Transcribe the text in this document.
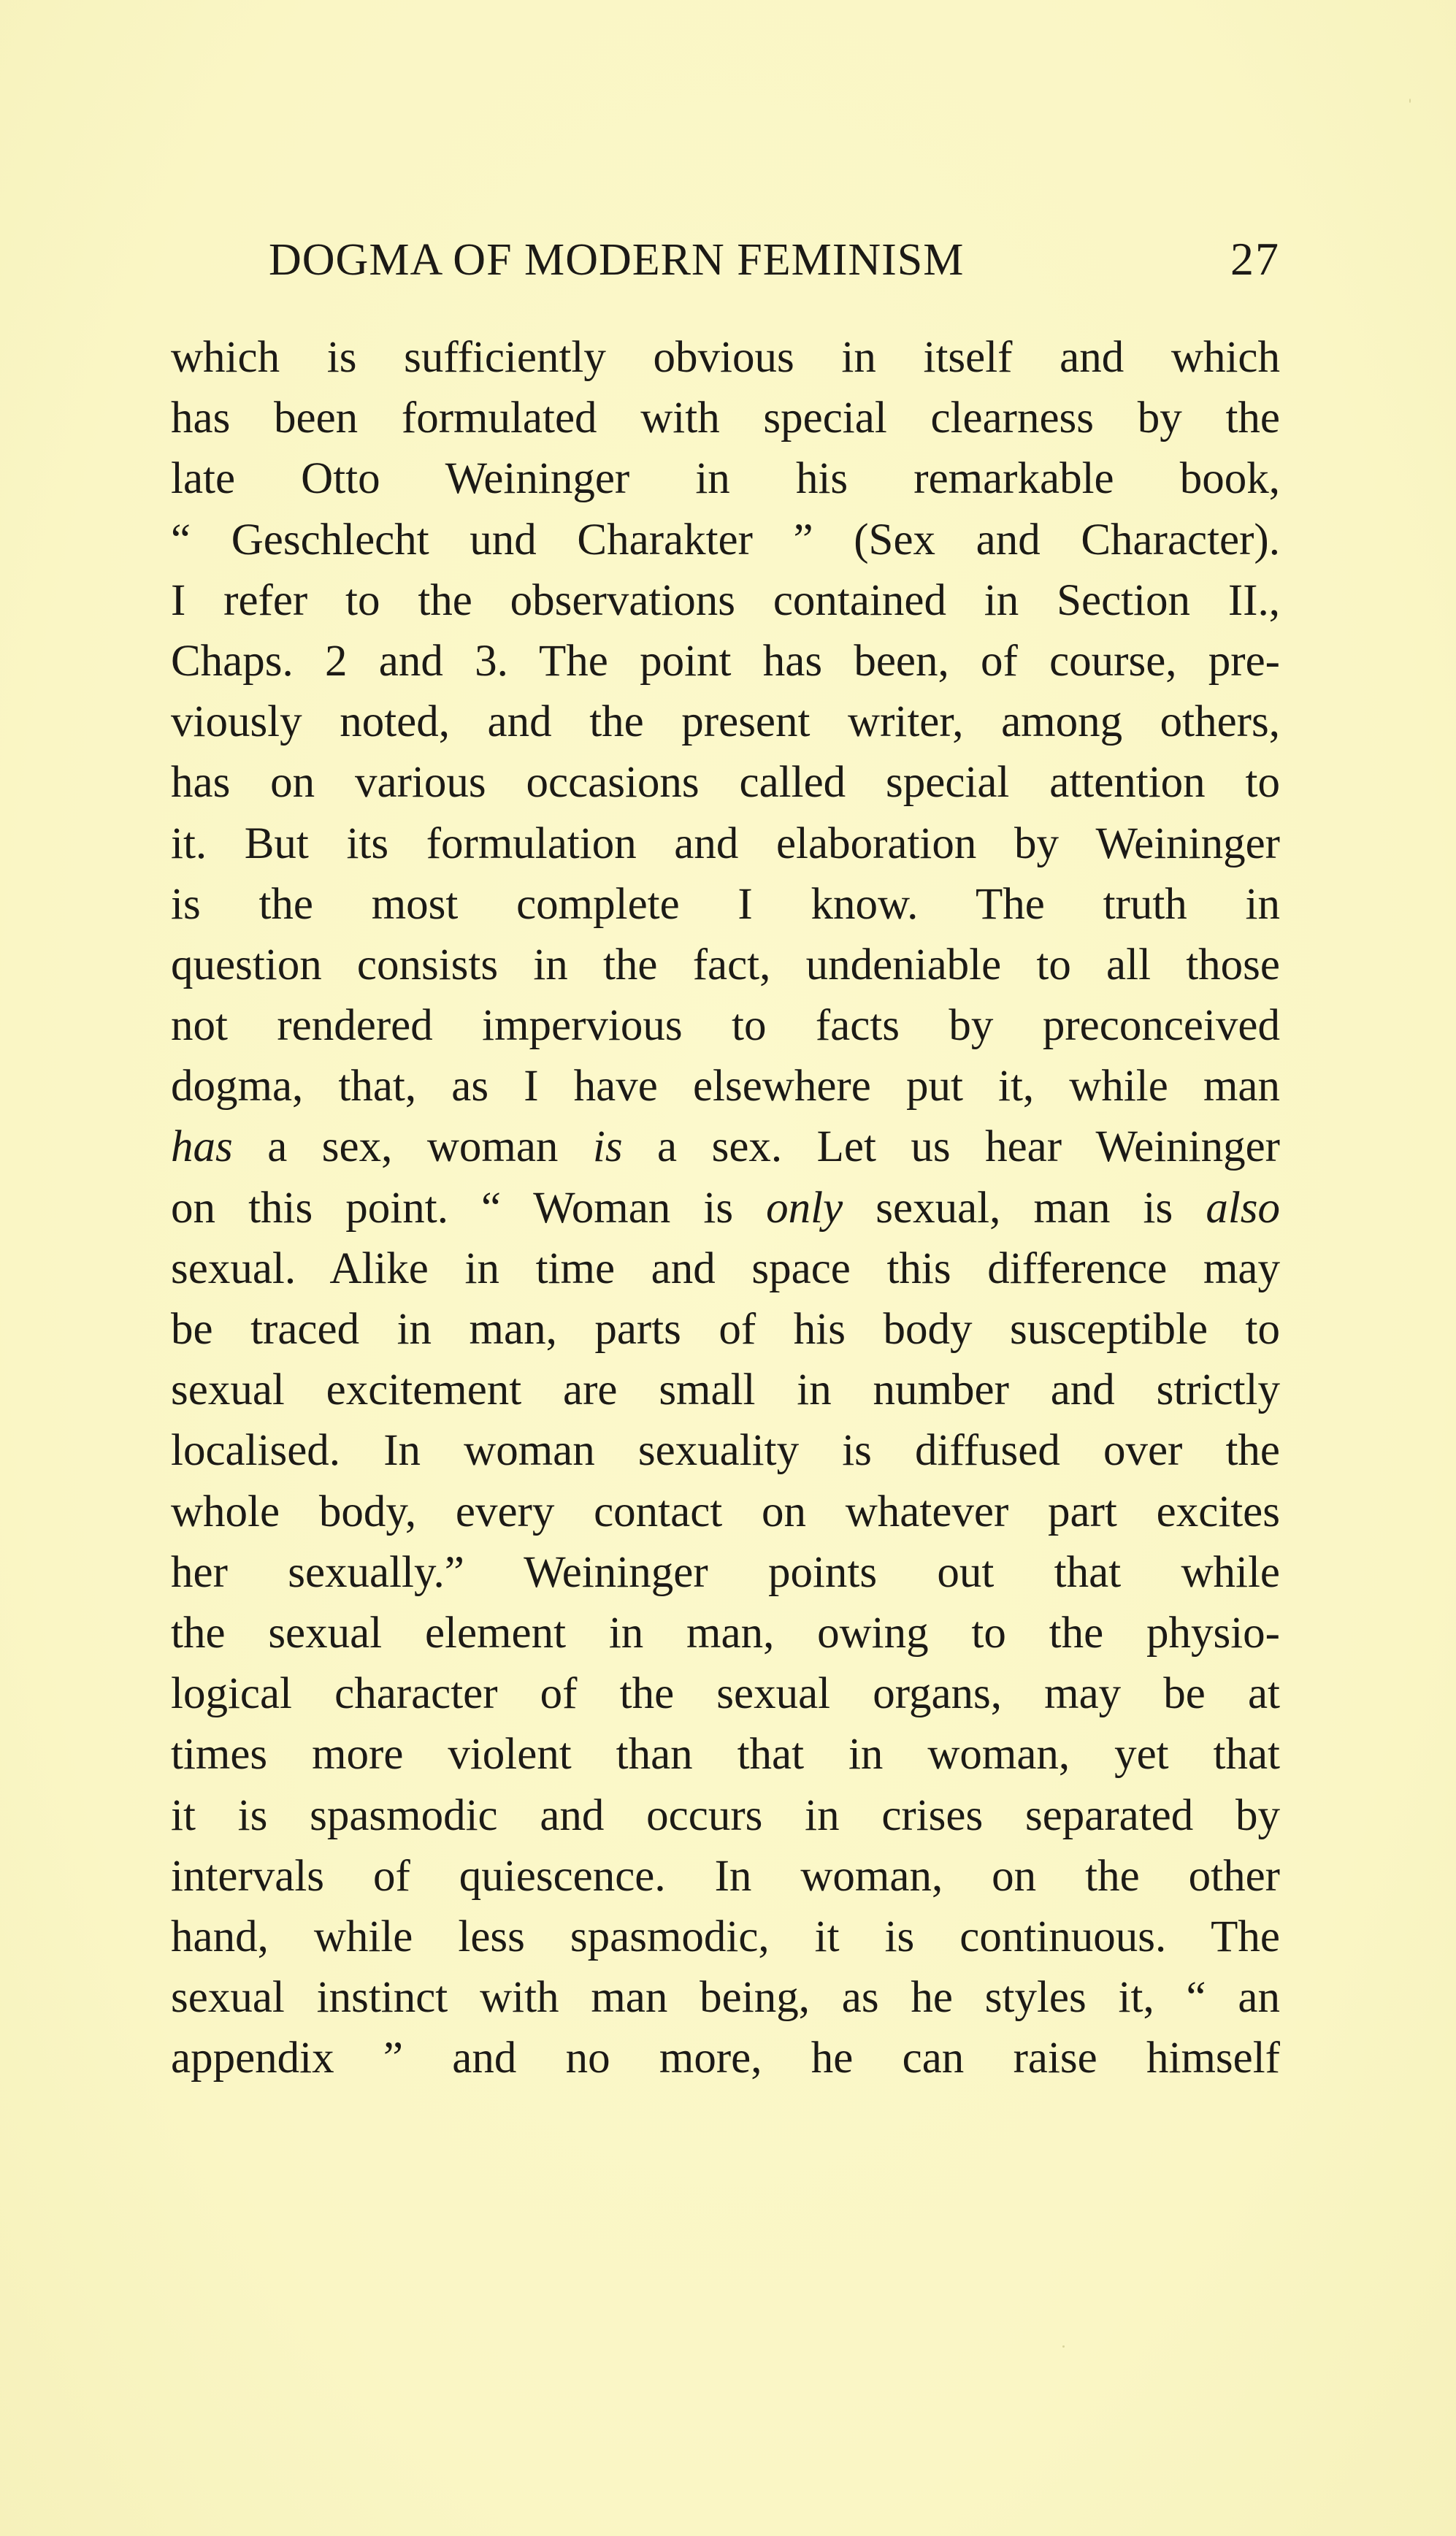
DOGMA OF MODERN FEMINISM	27
which is sufficiently obvious in itself and which
has been formulated with special clearness by the
late Otto Weininger in his remarkable book,
“ Geschlecht und Charakter ” (Sex and Character).
I refer to the observations contained in Section II.,
Chaps. 2 and 3. The point has been, of course, pre-
viously noted, and the present writer, among others,
has on various occasions called special attention to
it. But its formulation and elaboration by Weininger
is the most complete I know. The truth in
question consists in the fact, undeniable to all those
not rendered impervious to facts by preconceived
dogma, that, as I have elsewhere put it, while man
has a sex, woman is a sex. Let us hear Weininger
on this point. “ Woman is only sexual, man is also
sexual. Alike in time and space this difference may
be traced in man, parts of his body susceptible to
sexual excitement are small in number and strictly
localised. In woman sexuality is diffused over the
whole body, every contact on whatever part excites
her sexually.” Weininger points out that while
the sexual element in man, owing to the physio-
logical character of the sexual organs, may be at
times more violent than that in woman, yet that
it is spasmodic and occurs in crises separated by
intervals of quiescence. In woman, on the other
hand, while less spasmodic, it is continuous. The
sexual instinct with man being, as he styles it, “ an
appendix ” and no more, he can raise himself
